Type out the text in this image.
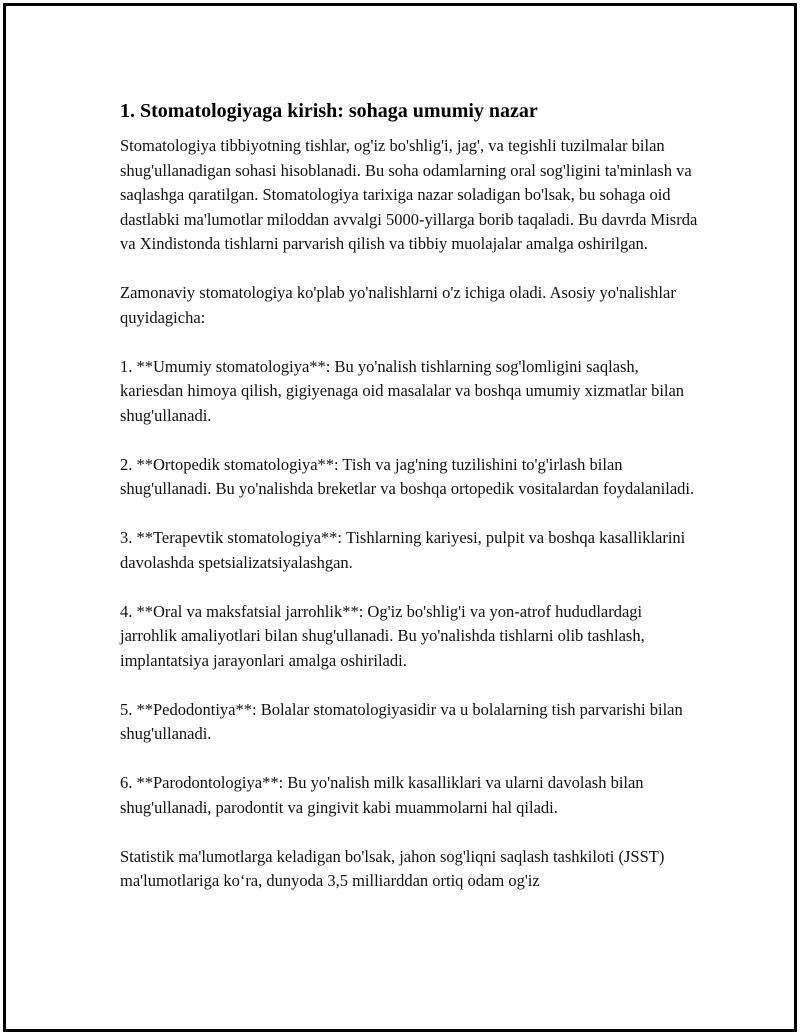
1. Stomatologiyaga kirish: sohaga umumiy nazar

Stomatologiya tibbiyotning tishlar, og'iz bo'shlig'i, jag', va tegishli tuzilmalar bilan shug'ullanadigan sohasi hisoblanadi. Bu soha odamlarning oral sog'ligini ta'minlash va saqlashga qaratilgan. Stomatologiya tarixiga nazar soladigan bo'lsak, bu sohaga oid dastlabki ma'lumotlar miloddan avvalgi 5000-yillarga borib taqaladi. Bu davrda Misrda va Xindistonda tishlarni parvarish qilish va tibbiy muolajalar amalga oshirilgan.

Zamonaviy stomatologiya ko'plab yo'nalishlarni o'z ichiga oladi. Asosiy yo'nalishlar quyidagicha:

1. **Umumiy stomatologiya**: Bu yo'nalish tishlarning sog'lomligini saqlash, kariesdan himoya qilish, gigiyenaga oid masalalar va boshqa umumiy xizmatlar bilan shug'ullanadi.

2. **Ortopedik stomatologiya**: Tish va jag'ning tuzilishini to'g'irlash bilan shug'ullanadi. Bu yo'nalishda breketlar va boshqa ortopedik vositalardan foydalaniladi.

3. **Terapevtik stomatologiya**: Tishlarning kariyesi, pulpit va boshqa kasalliklarini davolashda spetsializatsiyalashgan.

4. **Oral va maksfatsial jarrohlik**: Og'iz bo'shlig'i va yon-atrof hududlardagi jarrohlik amaliyotlari bilan shug'ullanadi. Bu yo'nalishda tishlarni olib tashlash, implantatsiya jarayonlari amalga oshiriladi.

5. **Pedodontiya**: Bolalar stomatologiyasidir va u bolalarning tish parvarishi bilan shug'ullanadi.

6. **Parodontologiya**: Bu yo'nalish milk kasalliklari va ularni davolash bilan shug'ullanadi, parodontit va gingivit kabi muammolarni hal qiladi.

Statistik ma'lumotlarga keladigan bo'lsak, jahon sog'liqni saqlash tashkiloti (JSST) ma'lumotlariga ko‘ra, dunyoda 3,5 milliarddan ortiq odam og'iz
